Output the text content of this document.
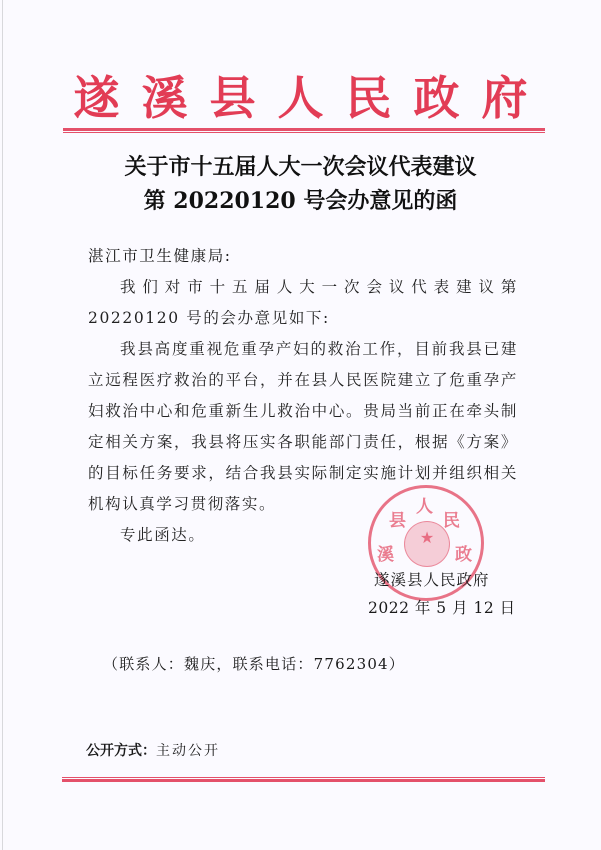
遂溪县人民政府
关于市十五届人大一次会议代表建议
第 20220120 号会办意见的函
湛江市卫生健康局:
我们对市十五届人大一次会议代表建议第 20220120 号的会办意见如下:
我县高度重视危重孕产妇的救治工作，目前我县已建立远程医疗救治的平台，并在县人民医院建立了危重孕产妇救治中心和危重新生儿救治中心。贵局当前正在牵头制定相关方案，我县将压实各职能部门责任，根据《方案》的目标任务要求，结合我县实际制定实施计划并组织相关机构认真学习贯彻落实。
专此函达。	★
溪
县
人
民
政
遂溪县人民政府
2022 年 5 月 12 日
（联系人：魏庆，联系电话：7762304）
公开方式：主动公开
